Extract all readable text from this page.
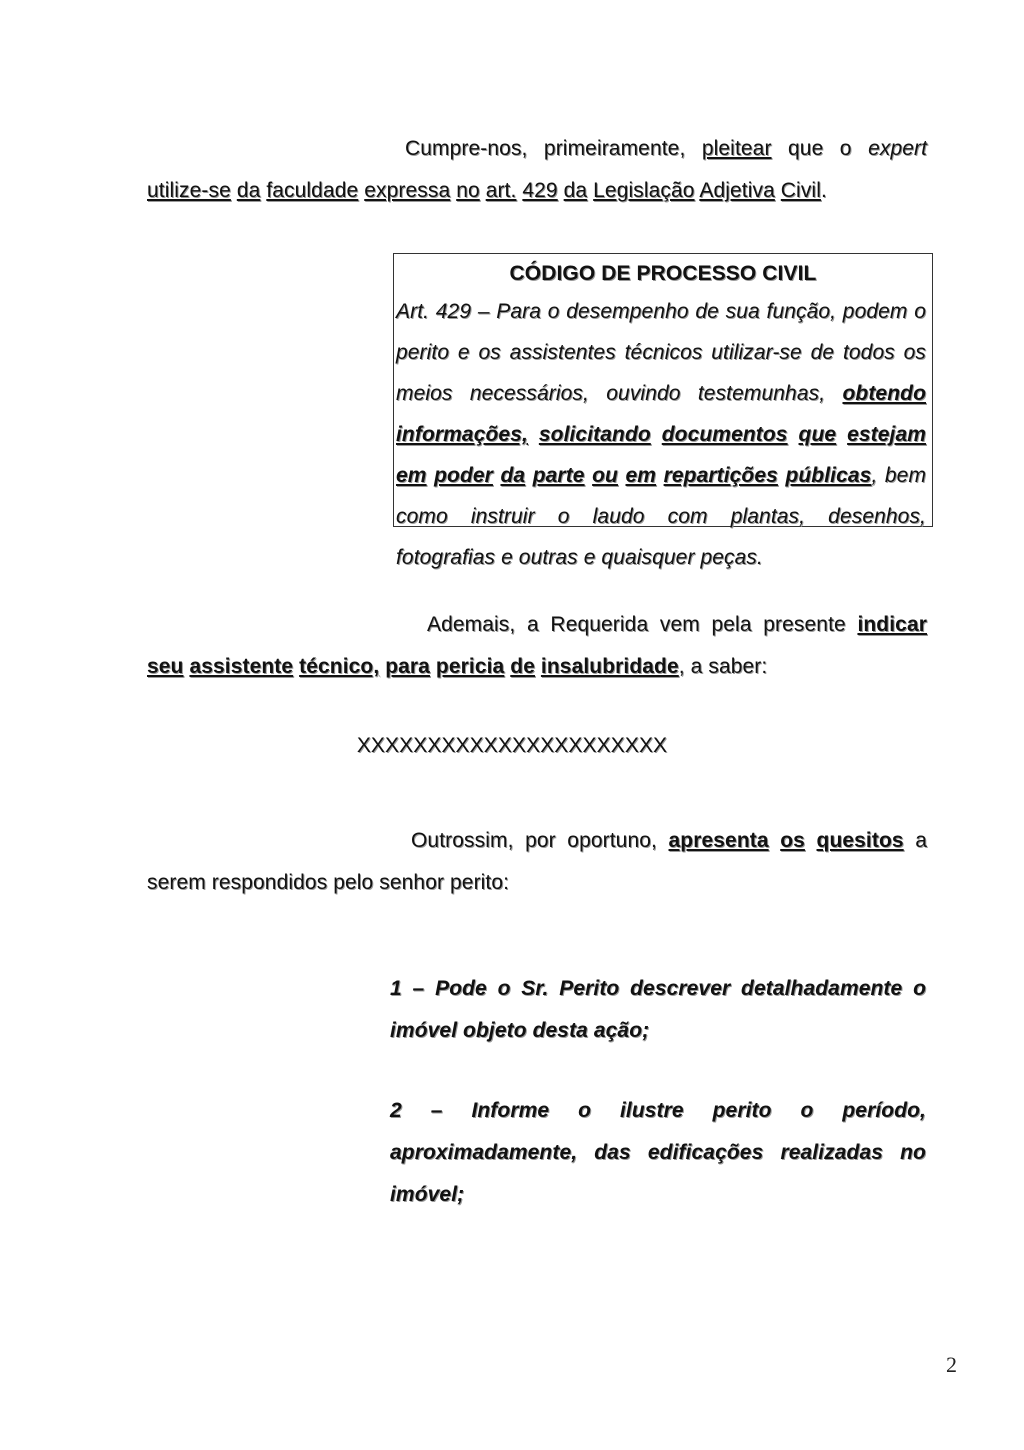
Cumpre-nos, primeiramente, pleitear que o expert utilize-se da faculdade expressa no art. 429 da Legislação Adjetiva Civil.
CÓDIGO DE PROCESSO CIVIL
Art. 429 – Para o desempenho de sua função, podem o perito e os assistentes técnicos utilizar-se de todos os meios necessários, ouvindo testemunhas, obtendo informações, solicitando documentos que estejam em poder da parte ou em repartições públicas, bem como instruir o laudo com plantas, desenhos, fotografias e outras e quaisquer peças.
Ademais, a Requerida vem pela presente indicar seu assistente técnico, para pericia de insalubridade, a saber:
XXXXXXXXXXXXXXXXXXXXXX
Outrossim, por oportuno, apresenta os quesitos a serem respondidos pelo senhor perito:
1 – Pode o Sr. Perito descrever detalhadamente o imóvel objeto desta ação;
2 – Informe o ilustre perito o período, aproximadamente, das edificações realizadas no imóvel;
2
